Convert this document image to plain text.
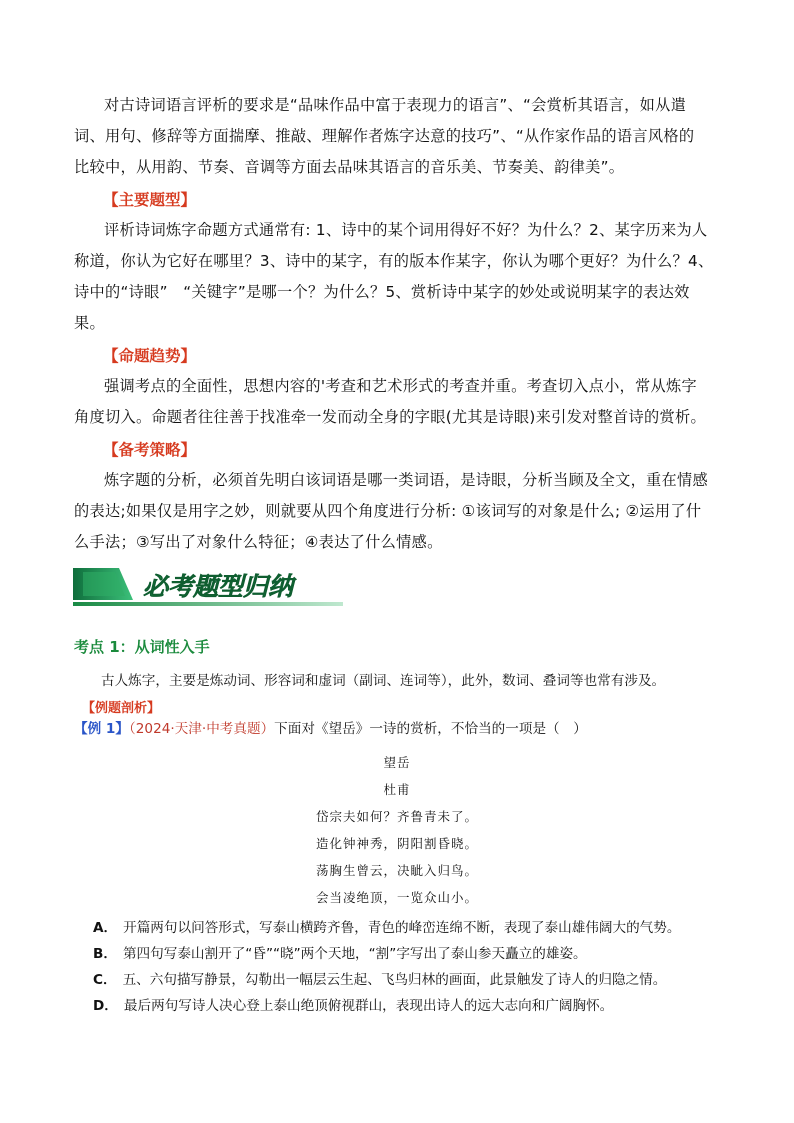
对古诗词语言评析的要求是“品味作品中富于表现力的语言”、“会赏析其语言，如从遣

词、用句、修辞等方面揣摩、推敲、理解作者炼字达意的技巧”、“从作家作品的语言风格的

比较中，从用韵、节奏、音调等方面去品味其语言的音乐美、节奏美、韵律美”。

【主要题型】

评析诗词炼字命题方式通常有: 1、诗中的某个词用得好不好？为什么？2、某字历来为人

称道，你认为它好在哪里？3、诗中的某字，有的版本作某字，你认为哪个更好？为什么？4、

诗中的“诗眼”　“关键字”是哪一个？为什么？5、赏析诗中某字的妙处或说明某字的表达效

果。

【命题趋势】

强调考点的全面性，思想内容的'考查和艺术形式的考查并重。考查切入点小，常从炼字

角度切入。命题者往往善于找准牵一发而动全身的字眼(尤其是诗眼)来引发对整首诗的赏析。

【备考策略】

炼字题的分析，必须首先明白该词语是哪一类词语，是诗眼，分析当顾及全文，重在情感

的表达;如果仅是用字之妙，则就要从四个角度进行分析: ①该词写的对象是什么; ②运用了什

么手法；③写出了对象什么特征；④表达了什么情感。

必考题型归纳

考点 1：从词性入手

古人炼字，主要是炼动词、形容词和虚词（副词、连词等），此外，数词、叠词等也常有涉及。

【例题剖析】

【例 1】（2024·天津·中考真题）下面对《望岳》一诗的赏析，不恰当的一项是（　）

望岳

杜甫

岱宗夫如何？齐鲁青未了。

造化钟神秀，阴阳割昏晓。

荡胸生曾云，决眦入归鸟。

会当凌绝顶，一览众山小。

A． 开篇两句以问答形式，写泰山横跨齐鲁，青色的峰峦连绵不断，表现了泰山雄伟阔大的气势。

B． 第四句写泰山割开了“昏”“晓”两个天地，“割”字写出了泰山参天矗立的雄姿。

C． 五、六句描写静景，勾勒出一幅层云生起、飞鸟归林的画面，此景触发了诗人的归隐之情。

D． 最后两句写诗人决心登上泰山绝顶俯视群山，表现出诗人的远大志向和广阔胸怀。
